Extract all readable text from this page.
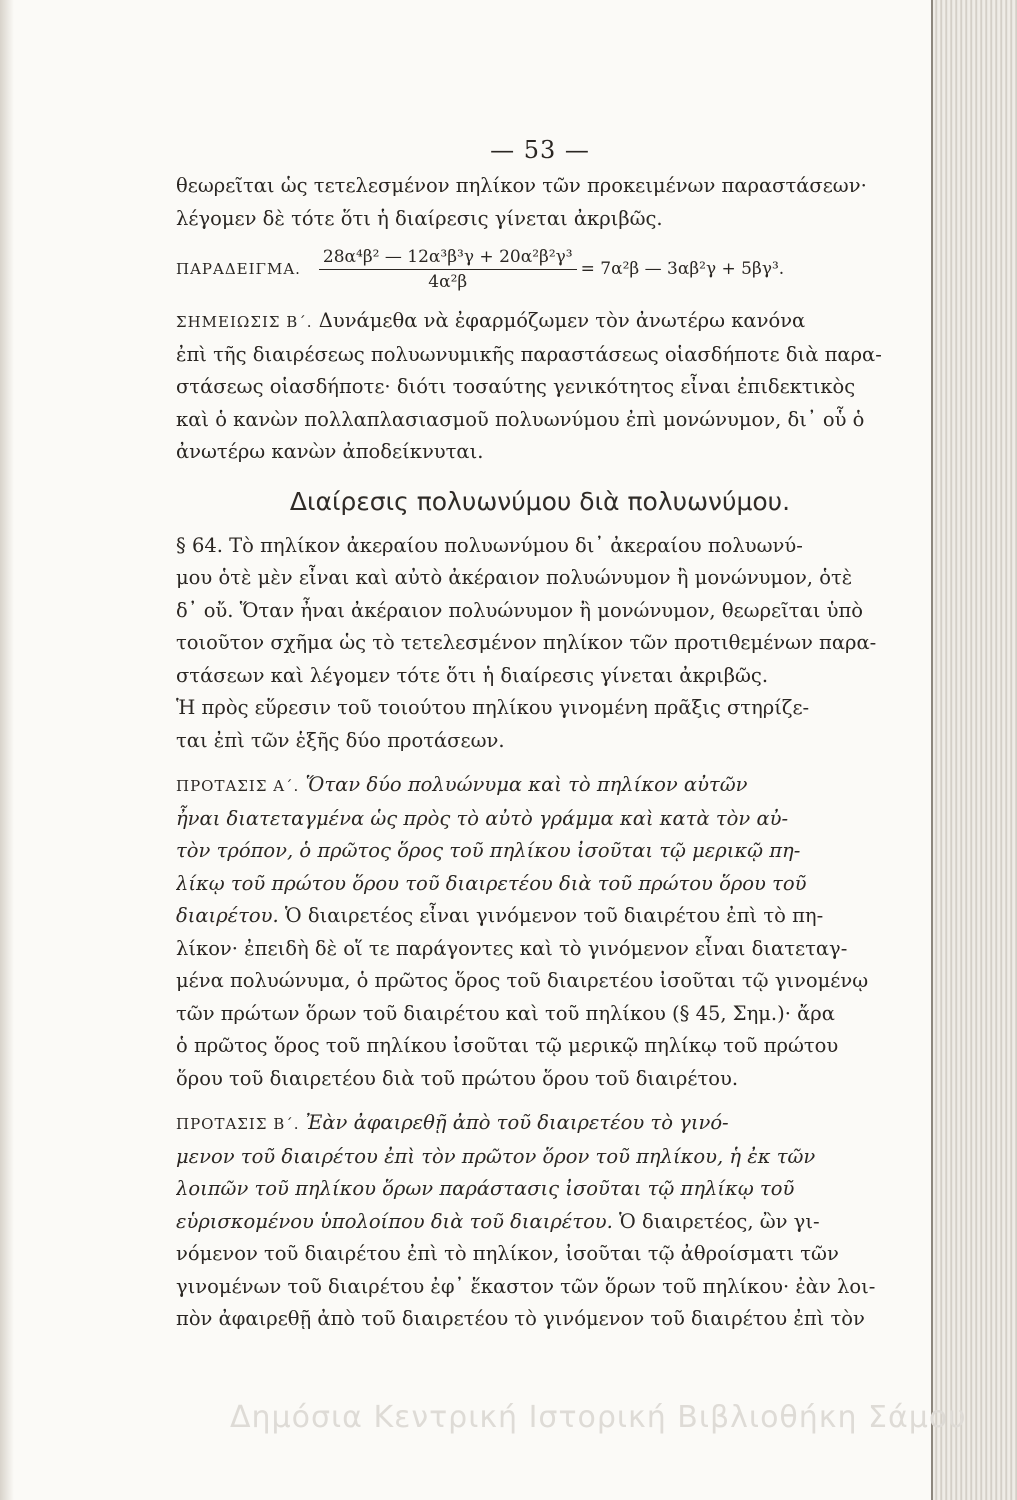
— 53 —
θεωρεῖται ὡς τετελεσμένον πηλίκον τῶν προκειμένων παραστάσεων·
λέγομεν δὲ τότε ὅτι ἡ διαίρεσις γίνεται ἀκριβῶς.
ΠΑΡΑΔΕΙΓΜΑ. $\frac{\text{28α⁴β² — 12α³β³γ + 20α²β²γ³}}{\text{4α²β}} = 7\alpha^2\beta$ — 3αβ²γ + 5βγ³.
ΣΗΜΕΙΩΣΙΣ Β΄. Δυνάμεθα νὰ ἐφαρμόζωμεν τὸν ἀνωτέρω κανόνα
ἐπὶ τῆς διαιρέσεως πολυωνυμικῆς παραστάσεως οἱασδήποτε διὰ παρα-
στάσεως οἱασδήποτε· διότι τοσαύτης γενικότητος εἶναι ἐπιδεκτικὸς
καὶ ὁ κανὼν πολλαπλασιασμοῦ πολυωνύμου ἐπὶ μονώνυμον, δι᾽ οὗ ὁ
ἀνωτέρω κανὼν ἀποδείκνυται.
Διαίρεσις πολυωνύμου διὰ πολυωνύμου.
§ 64. Τὸ πηλίκον ἀκεραίου πολυωνύμου δι᾽ ἀκεραίου πολυωνύ-
μου ὁτὲ μὲν εἶναι καὶ αὐτὸ ἀκέραιον πολυώνυμον ἢ μονώνυμον, ὁτὲ
δ᾽ οὔ. Ὅταν ἦναι ἀκέραιον πολυώνυμον ἢ μονώνυμον, θεωρεῖται ὑπὸ
τοιοῦτον σχῆμα ὡς τὸ τετελεσμένον πηλίκον τῶν προτιθεμένων παρα-
στάσεων καὶ λέγομεν τότε ὅτι ἡ διαίρεσις γίνεται ἀκριβῶς.
Ἡ πρὸς εὕρεσιν τοῦ τοιούτου πηλίκου γινομένη πρᾶξις στηρίζε-
ται ἐπὶ τῶν ἑξῆς δύο προτάσεων.
ΠΡΟΤΑΣΙΣ Α΄. Ὅταν δύο πολυώνυμα καὶ τὸ πηλίκον αὐτῶν
ἦναι διατεταγμένα ὡς πρὸς τὸ αὐτὸ γράμμα καὶ κατὰ τὸν αὐ-
τὸν τρόπον, ὁ πρῶτος ὅρος τοῦ πηλίκου ἰσοῦται τῷ μερικῷ πη-
λίκῳ τοῦ πρώτου ὅρου τοῦ διαιρετέου διὰ τοῦ πρώτου ὅρου τοῦ
διαιρέτου. Ὁ διαιρετέος εἶναι γινόμενον τοῦ διαιρέτου ἐπὶ τὸ πη-
λίκον· ἐπειδὴ δὲ οἵ τε παράγοντες καὶ τὸ γινόμενον εἶναι διατεταγ-
μένα πολυώνυμα, ὁ πρῶτος ὅρος τοῦ διαιρετέου ἰσοῦται τῷ γινομένῳ
τῶν πρώτων ὅρων τοῦ διαιρέτου καὶ τοῦ πηλίκου (§ 45, Σημ.)· ἄρα
ὁ πρῶτος ὅρος τοῦ πηλίκου ἰσοῦται τῷ μερικῷ πηλίκῳ τοῦ πρώτου
ὅρου τοῦ διαιρετέου διὰ τοῦ πρώτου ὅρου τοῦ διαιρέτου.
ΠΡΟΤΑΣΙΣ Β΄. Ἐὰν ἀφαιρεθῇ ἀπὸ τοῦ διαιρετέου τὸ γινό-
μενον τοῦ διαιρέτου ἐπὶ τὸν πρῶτον ὅρον τοῦ πηλίκου, ἡ ἐκ τῶν
λοιπῶν τοῦ πηλίκου ὅρων παράστασις ἰσοῦται τῷ πηλίκῳ τοῦ
εὑρισκομένου ὑπολοίπου διὰ τοῦ διαιρέτου. Ὁ διαιρετέος, ὢν γι-
νόμενον τοῦ διαιρέτου ἐπὶ τὸ πηλίκον, ἰσοῦται τῷ ἀθροίσματι τῶν
γινομένων τοῦ διαιρέτου ἐφ᾽ ἕκαστον τῶν ὅρων τοῦ πηλίκου· ἐὰν λοι-
πὸν ἀφαιρεθῇ ἀπὸ τοῦ διαιρετέου τὸ γινόμενον τοῦ διαιρέτου ἐπὶ τὸν
Δημόσια Κεντρική Ιστορική Βιβλιοθήκη Σάμου
